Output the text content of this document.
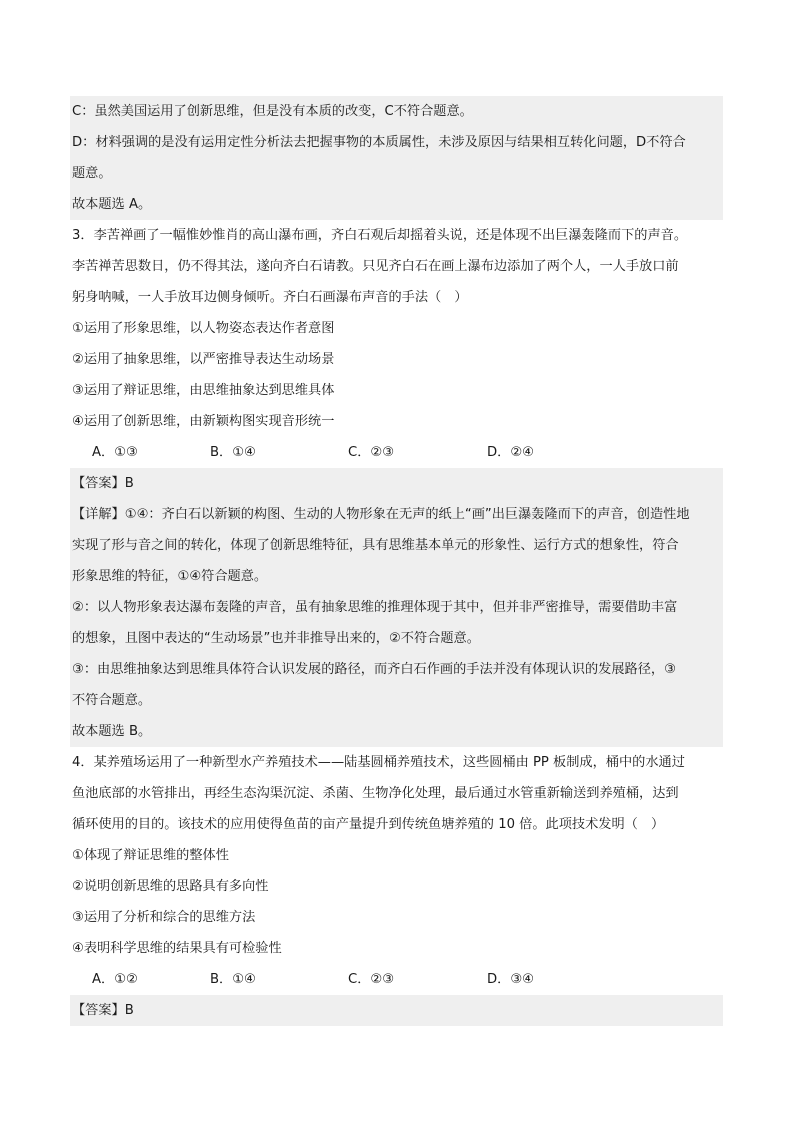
C：虽然美国运用了创新思维，但是没有本质的改变，C不符合题意。
D：材料强调的是没有运用定性分析法去把握事物的本质属性，未涉及原因与结果相互转化问题，D不符合
题意。
故本题选 A。
3．李苦禅画了一幅惟妙惟肖的高山瀑布画，齐白石观后却摇着头说，还是体现不出巨瀑轰隆而下的声音。
李苦禅苦思数日，仍不得其法，遂向齐白石请教。只见齐白石在画上瀑布边添加了两个人，一人手放口前
躬身呐喊，一人手放耳边侧身倾听。齐白石画瀑布声音的手法（　）
①运用了形象思维，以人物姿态表达作者意图
②运用了抽象思维，以严密推导表达生动场景
③运用了辩证思维，由思维抽象达到思维具体
④运用了创新思维，由新颖构图实现音形统一
A．①③	B．①④	C．②③	D．②④
【答案】B
【详解】①④：齐白石以新颖的构图、生动的人物形象在无声的纸上“画”出巨瀑轰隆而下的声音，创造性地
实现了形与音之间的转化，体现了创新思维特征，具有思维基本单元的形象性、运行方式的想象性，符合
形象思维的特征，①④符合题意。
②：以人物形象表达瀑布轰隆的声音，虽有抽象思维的推理体现于其中，但并非严密推导，需要借助丰富
的想象，且图中表达的“生动场景”也并非推导出来的，②不符合题意。
③：由思维抽象达到思维具体符合认识发展的路径，而齐白石作画的手法并没有体现认识的发展路径，③
不符合题意。
故本题选 B。
4．某养殖场运用了一种新型水产养殖技术——陆基圆桶养殖技术，这些圆桶由 PP 板制成，桶中的水通过
鱼池底部的水管排出，再经生态沟渠沉淀、杀菌、生物净化处理，最后通过水管重新输送到养殖桶，达到
循环使用的目的。该技术的应用使得鱼苗的亩产量提升到传统鱼塘养殖的 10 倍。此项技术发明（　）
①体现了辩证思维的整体性
②说明创新思维的思路具有多向性
③运用了分析和综合的思维方法
④表明科学思维的结果具有可检验性
A．①②	B．①④	C．②③	D．③④
【答案】B
